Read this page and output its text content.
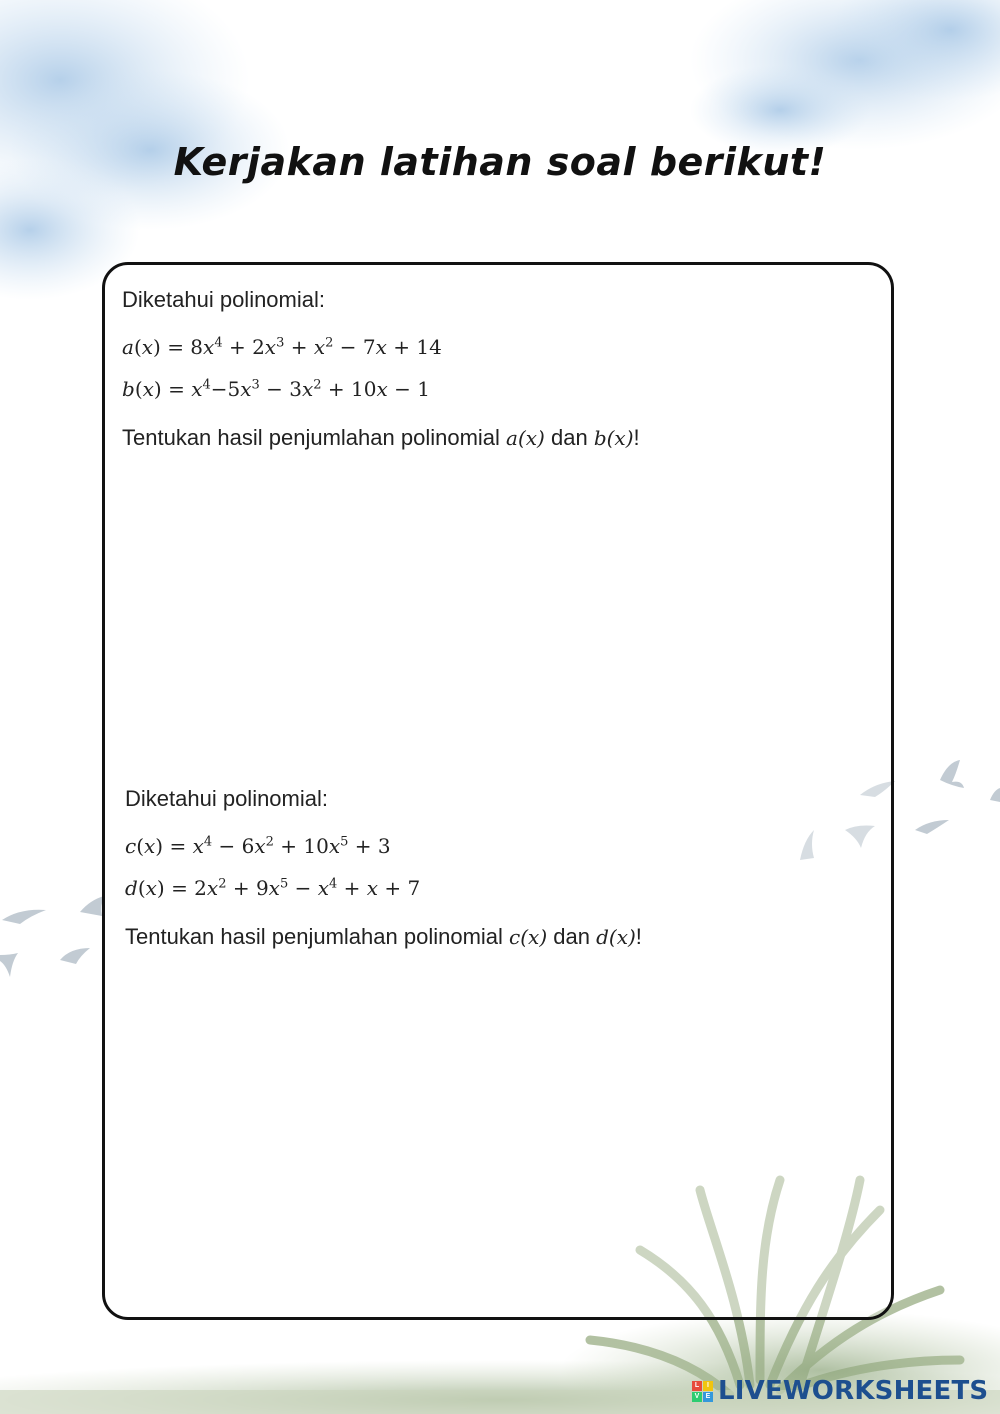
Kerjakan latihan soal berikut!
Diketahui polinomial:
$a(x) = 8x^4 + 2x^3 + x^2 - 7x + 14$
$b(x) = x^4-5x^3 - 3x^2 + 10x - 1$
Tentukan hasil penjumlahan polinomial a(x) dan b(x)!
Diketahui polinomial:
$c(x) = x^4 - 6x^2 + 10x^5 + 3$
$d(x) = 2x^2 + 9x^5 - x^4 + x + 7$
Tentukan hasil penjumlahan polinomial c(x) dan d(x)!
L	I
V E LIVEWORKSHEETS
